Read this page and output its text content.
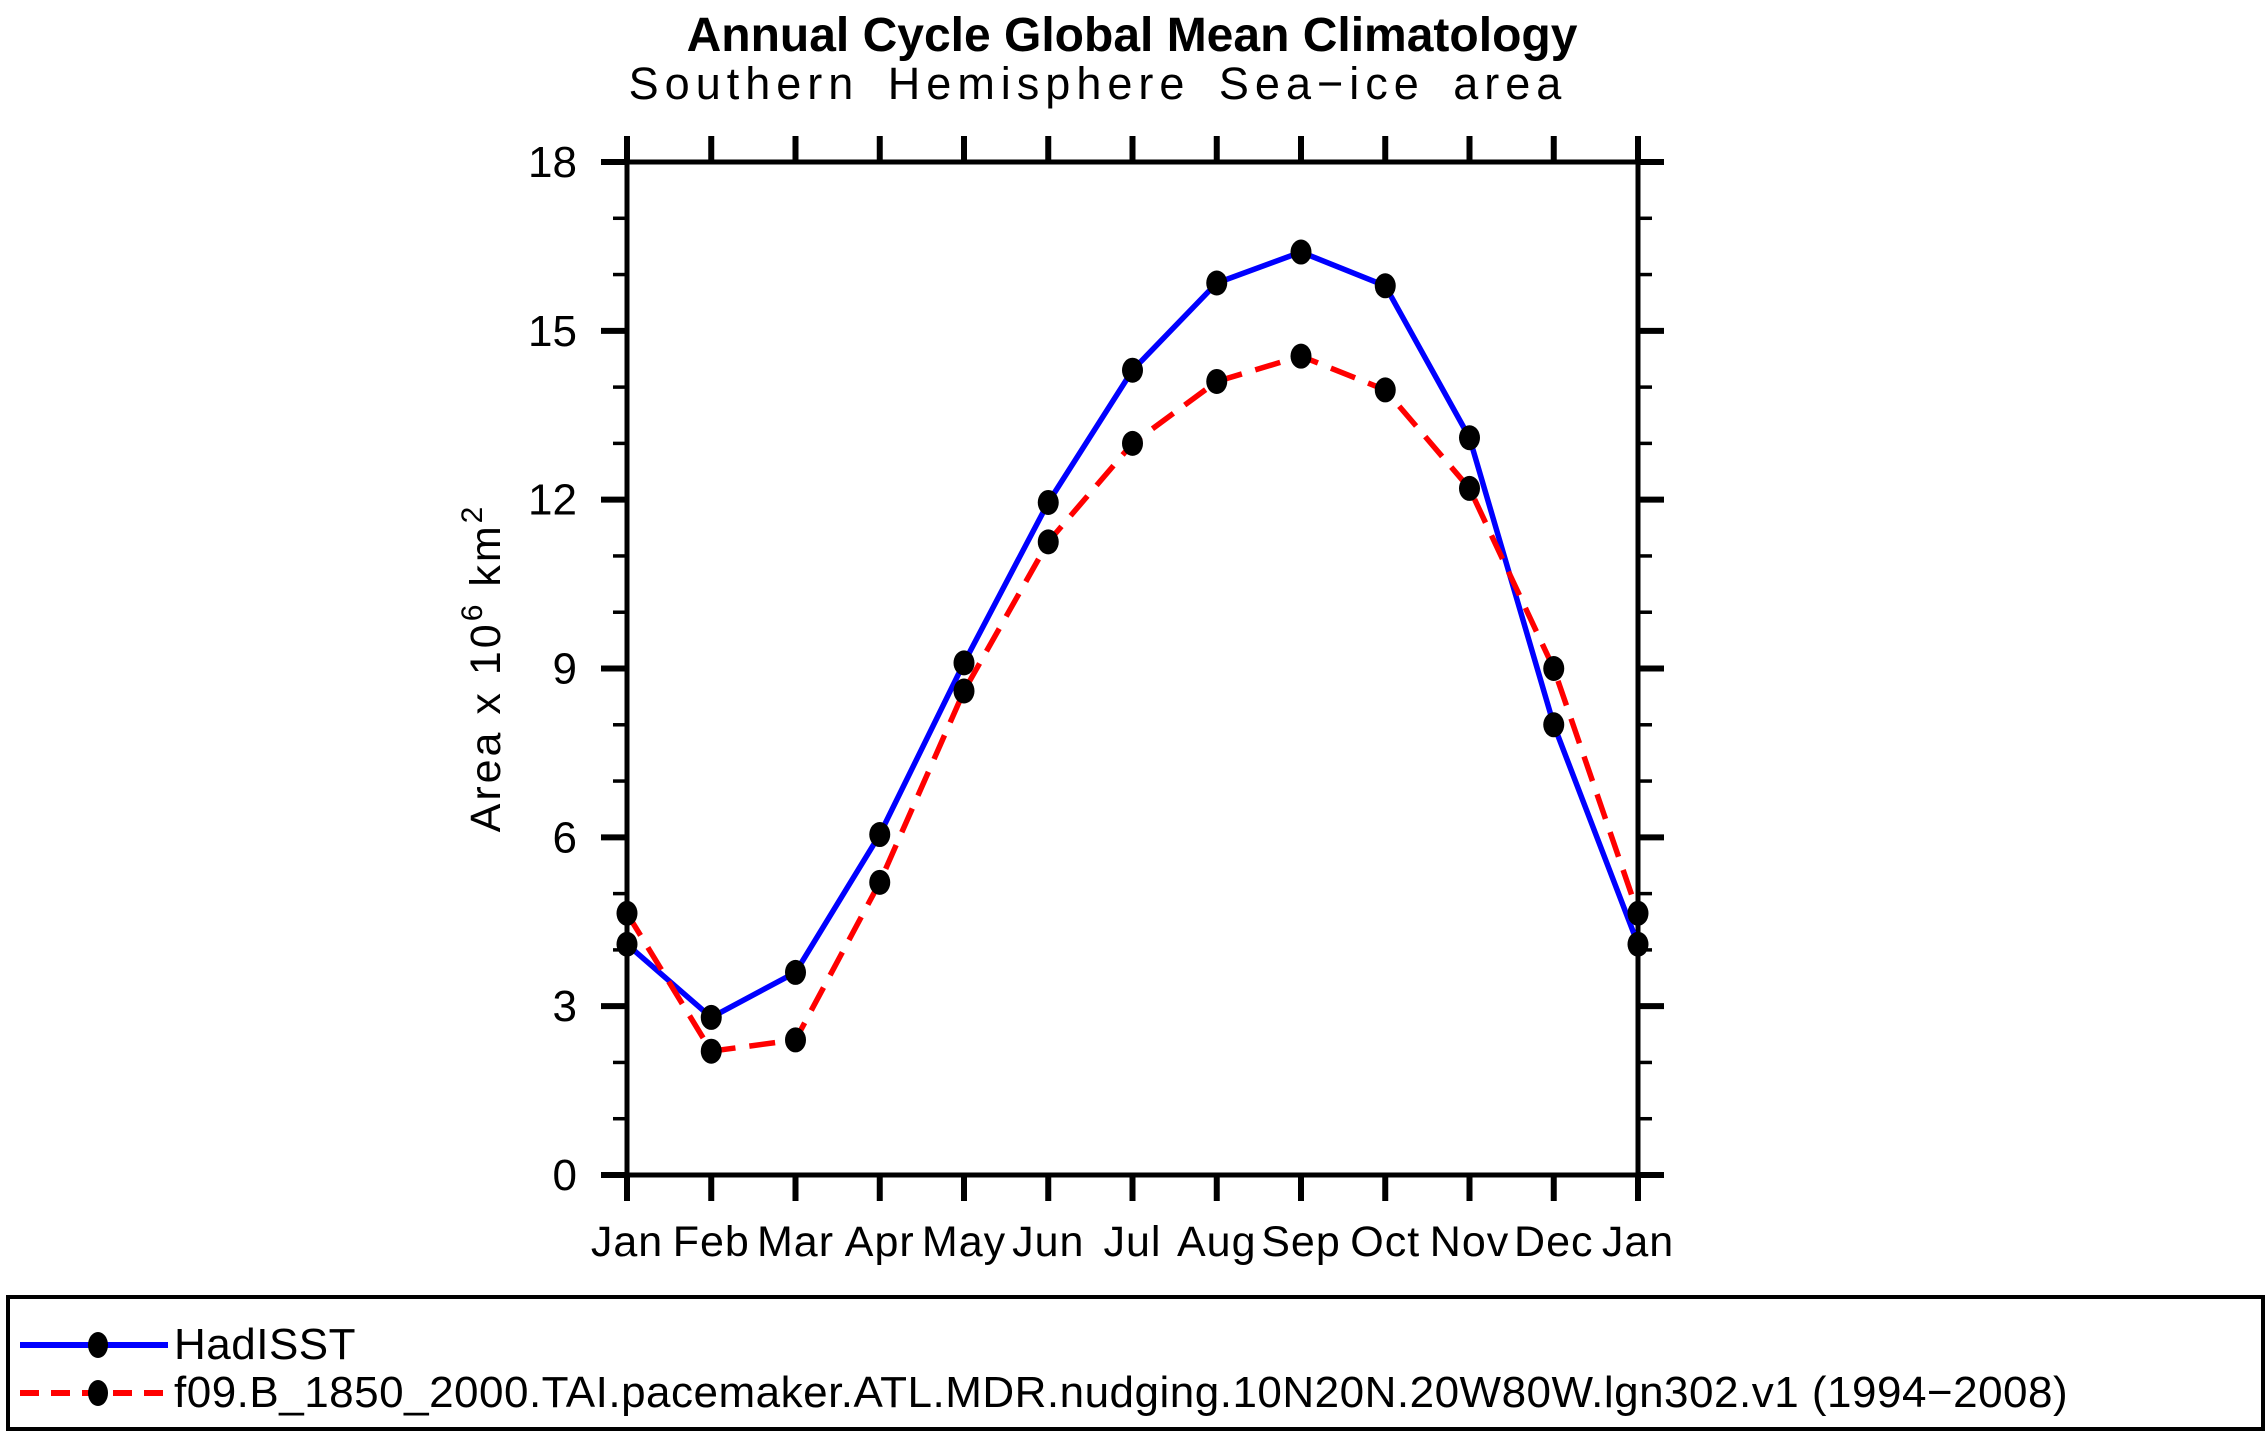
Annual Cycle Global Mean Climatology
Southern Hemisphere Sea−ice area
Jan Feb Mar Apr May Jun Jul Aug Sep Oct Nov Dec Jan
0
3
6
9
12
15
18
Area x $10^6$ $km^2$
HadISST
f09.B_1850_2000.TAI.pacemaker.ATL.MDR.nudging.10N20N.20W80W.lgn302.v1 (1994−2008)
